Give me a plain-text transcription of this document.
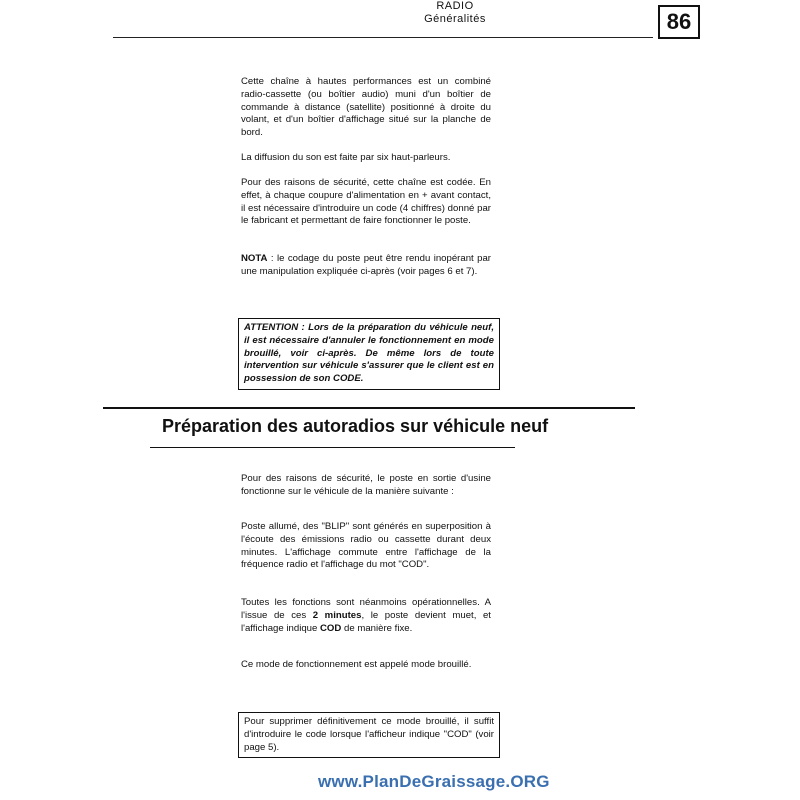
RADIO
Généralités	86

Cette chaîne à hautes performances est un combiné radio-cassette (ou boîtier audio) muni d'un boîtier de commande à distance (satellite) positionné à droite du volant, et d'un boîtier d'affichage situé sur la planche de bord.

La diffusion du son est faite par six haut-parleurs.

Pour des raisons de sécurité, cette chaîne est codée. En effet, à chaque coupure d'alimentation en + avant contact, il est nécessaire d'introduire un code (4 chiffres) donné par le fabricant et permettant de faire fonctionner le poste.

NOTA : le codage du poste peut être rendu inopérant par une manipulation expliquée ci-après (voir pages 6 et 7).

ATTENTION : Lors de la préparation du véhicule neuf, il est nécessaire d'annuler le fonctionnement en mode brouillé, voir ci-après. De même lors de toute intervention sur véhicule s'assurer que le client est en possession de son CODE.
Préparation des autoradios sur véhicule neuf

Pour des raisons de sécurité, le poste en sortie d'usine fonctionne sur le véhicule de la manière suivante :

Poste allumé, des "BLIP" sont générés en superposition à l'écoute des émissions radio ou cassette durant deux minutes. L'affichage commute entre l'affichage de la fréquence radio et l'affichage du mot "COD".

Toutes les fonctions sont néanmoins opérationnelles. A l'issue de ces 2 minutes, le poste devient muet, et l'affichage indique COD de manière fixe.

Ce mode de fonctionnement est appelé mode brouillé.

Pour supprimer définitivement ce mode brouillé, il suffit d'introduire le code lorsque l'afficheur indique "COD" (voir page 5).
www.PlanDeGraissage.ORG
